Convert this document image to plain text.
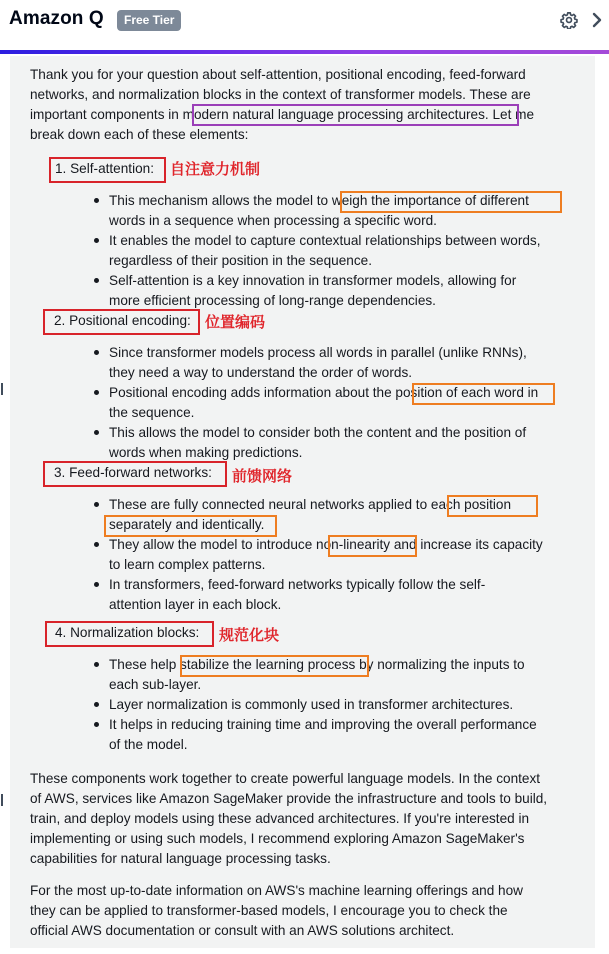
Amazon Q	Free Tier
Thank you for your question about self-attention, positional encoding, feed-forward
networks, and normalization blocks in the context of transformer models. These are
important components in modern natural language processing architectures. Let me
break down each of these elements:
1. Self-attention: 自注意力机制
This mechanism allows the model to weigh the importance of different
words in a sequence when processing a specific word.
It enables the model to capture contextual relationships between words,
regardless of their position in the sequence.
Self-attention is a key innovation in transformer models, allowing for
more efficient processing of long-range dependencies.
2. Positional encoding: 位置编码
Since transformer models process all words in parallel (unlike RNNs),
they need a way to understand the order of words.
Positional encoding adds information about the position of each word in
the sequence.
This allows the model to consider both the content and the position of
words when making predictions.
3. Feed-forward networks: 前馈网络
These are fully connected neural networks applied to each position
separately and identically.
They allow the model to introduce non-linearity and increase its capacity
to learn complex patterns.
In transformers, feed-forward networks typically follow the self-
attention layer in each block.
4. Normalization blocks: 规范化块
These help stabilize the learning process by normalizing the inputs to
each sub-layer.
Layer normalization is commonly used in transformer architectures.
It helps in reducing training time and improving the overall performance
of the model.
These components work together to create powerful language models. In the context
of AWS, services like Amazon SageMaker provide the infrastructure and tools to build,
train, and deploy models using these advanced architectures. If you're interested in
implementing or using such models, I recommend exploring Amazon SageMaker's
capabilities for natural language processing tasks.
For the most up-to-date information on AWS's machine learning offerings and how
they can be applied to transformer-based models, I encourage you to check the
official AWS documentation or consult with an AWS solutions architect.
